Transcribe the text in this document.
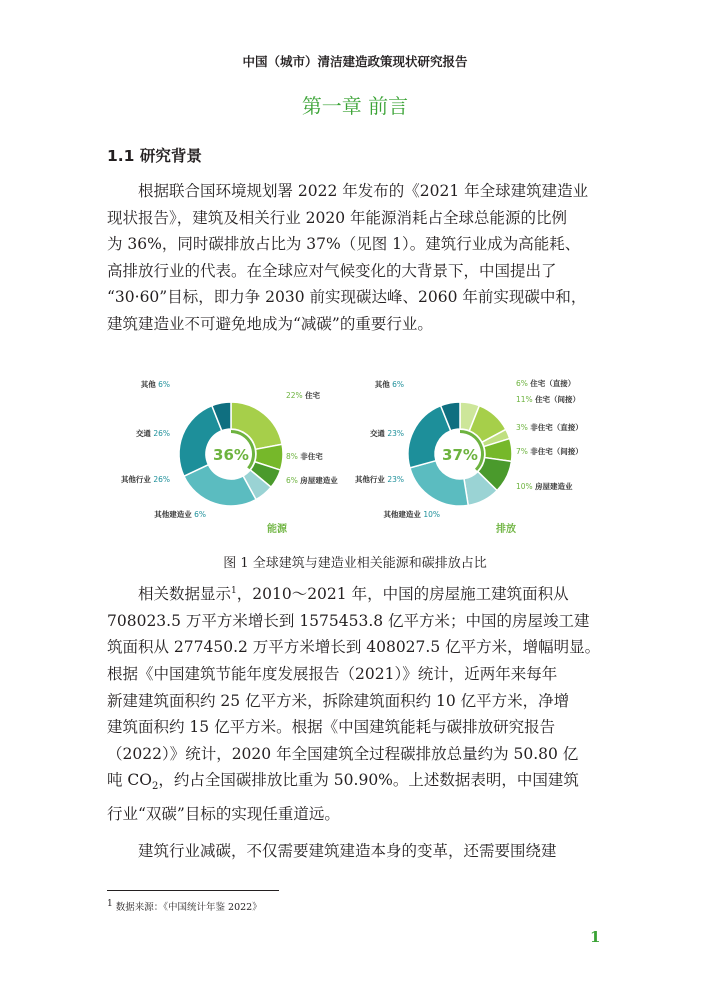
中国（城市）清洁建造政策现状研究报告
第一章 前言
1.1 研究背景

根据联合国环境规划署 2022 年发布的《2021 年全球建筑建造业
现状报告》，建筑及相关行业 2020 年能源消耗占全球总能源的比例
为 36%，同时碳排放占比为 37%（见图 1）。建筑行业成为高能耗、
高排放行业的代表。在全球应对气候变化的大背景下，中国提出了
“30·60”目标，即力争 2030 前实现碳达峰、2060 年前实现碳中和，
建筑建造业不可避免地成为“减碳”的重要行业。

36%
能源
22% 住宅
8% 非住宅
6% 房屋建造业
其他建造业 6%
其他行业 26%
交通 26%
其他 6%
37%
排放
6% 住宅（直接）
11% 住宅（间接）
3% 非住宅（直接）
7% 非住宅（间接）
10% 房屋建造业
其他建造业 10%
其他行业 23%
交通 23%
其他 6%
图 1 全球建筑与建造业相关能源和碳排放占比

相关数据显示$^1$，2010～2021 年，中国的房屋施工建筑面积从
708023.5 万平方米增长到 1575453.8 亿平方米；中国的房屋竣工建
筑面积从 277450.2 万平方米增长到 408027.5 亿平方米，增幅明显。
根据《中国建筑节能年度发展报告（2021）》统计，近两年来每年
新建建筑面积约 25 亿平方米，拆除建筑面积约 10 亿平方米，净增
建筑面积约 15 亿平方米。根据《中国建筑能耗与碳排放研究报告
（2022）》统计，2020 年全国建筑全过程碳排放总量约为 50.80 亿
吨 $CO_2$，约占全国碳排放比重为 50.90%。上述数据表明，中国建筑
行业“双碳”目标的实现任重道远。

建筑行业减碳，不仅需要建筑建造本身的变革，还需要围绕建

$^1$ 数据来源：《中国统计年鉴 2022》
1
